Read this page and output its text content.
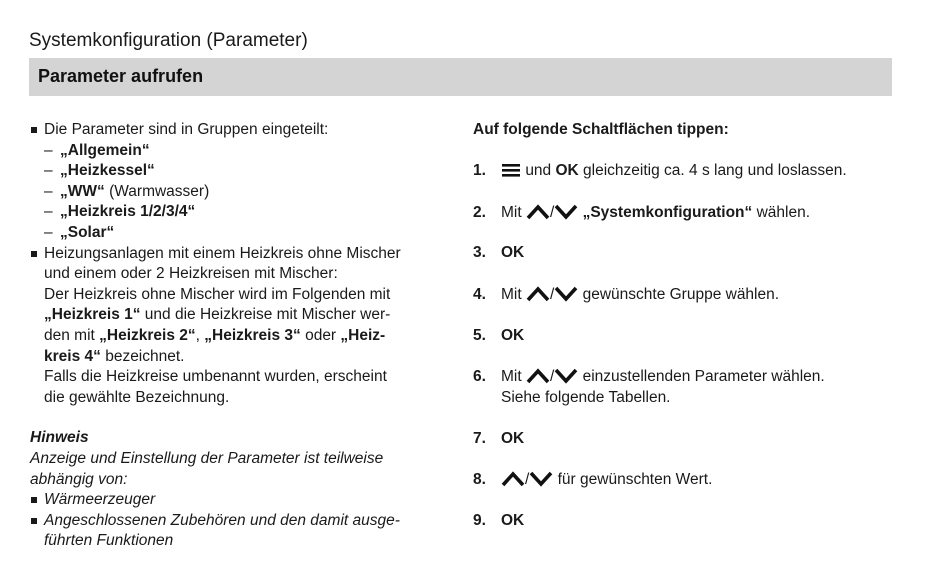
Systemkonfiguration (Parameter)
Parameter aufrufen
Die Parameter sind in Gruppen eingeteilt:
– „Allgemein“
– „Heizkessel“
– „WW“ (Warmwasser)
– „Heizkreis 1/2/3/4“
– „Solar“
Heizungsanlagen mit einem Heizkreis ohne Mischer
und einem oder 2 Heizkreisen mit Mischer:
Der Heizkreis ohne Mischer wird im Folgenden mit
„Heizkreis 1“ und die Heizkreise mit Mischer wer-
den mit „Heizkreis 2“, „Heizkreis 3“ oder „Heiz-
kreis 4“ bezeichnet.
Falls die Heizkreise umbenannt wurden, erscheint
die gewählte Bezeichnung.
Hinweis
Anzeige und Einstellung der Parameter ist teilweise
abhängig von:
Wärmeerzeuger
Angeschlossenen Zubehören und den damit ausge-
führten Funktionen
Auf folgende Schaltflächen tippen:
1.	und OK gleichzeitig ca. 4 s lang und loslassen.
2. Mit / „Systemkonfiguration“ wählen.
3. OK
4. Mit / gewünschte Gruppe wählen.
5. OK
6. Mit / einzustellenden Parameter wählen.
Siehe folgende Tabellen.
7. OK
8.	/ für gewünschten Wert.
9. OK
